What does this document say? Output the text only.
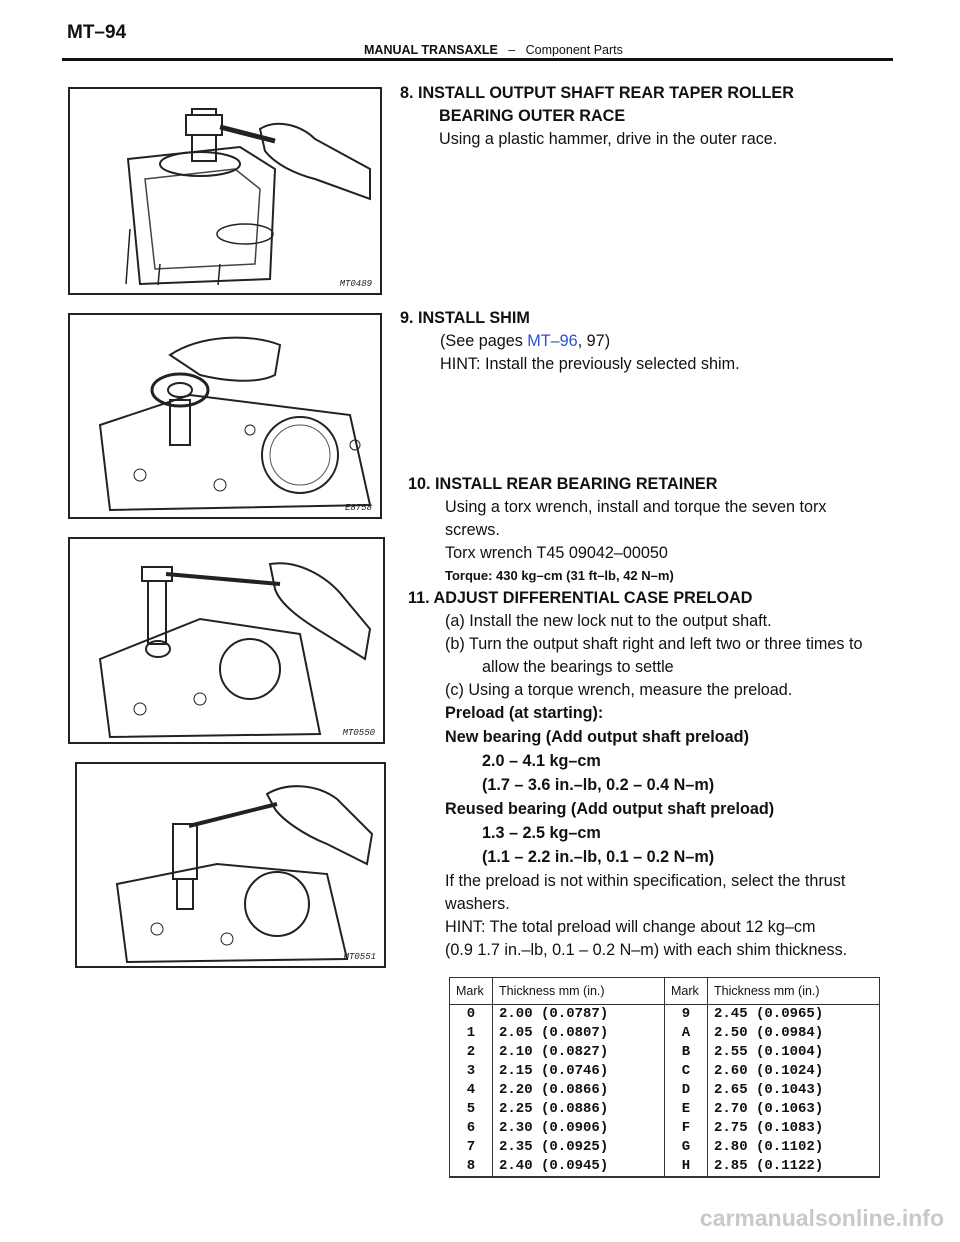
MT–94
MANUAL TRANSAXLE – Component Parts
MT0489
E8758
MT0550
MT0551
8. INSTALL OUTPUT SHAFT REAR TAPER ROLLER
BEARING OUTER RACE
Using a plastic hammer, drive in the outer race.
9. INSTALL SHIM
(See pages MT–96, 97)
HINT: Install the previously selected shim.
10. INSTALL REAR BEARING RETAINER
Using a torx wrench, install and torque the seven torx
screws.
Torx wrench T45 09042–00050
Torque: 430 kg–cm (31 ft–lb, 42 N–m)
11. ADJUST DIFFERENTIAL CASE PRELOAD
(a) Install the new lock nut to the output shaft.
(b) Turn the output shaft right and left two or three times to
allow the bearings to settle
(c) Using a torque wrench, measure the preload.
Preload (at starting):
New bearing (Add output shaft preload)
2.0 – 4.1 kg–cm
(1.7 – 3.6 in.–lb, 0.2 – 0.4 N–m)
Reused bearing (Add output shaft preload)
1.3 – 2.5 kg–cm
(1.1 – 2.2 in.–lb, 0.1 – 0.2 N–m)
If the preload is not within specification, select the thrust
washers.
HINT: The total preload will change about 12 kg–cm
(0.9 1.7 in.–lb, 0.1 – 0.2 N–m) with each shim thickness.
Mark	Thickness mm (in.)	Mark	Thickness mm (in.)
0	2.00 (0.0787)	9	2.45 (0.0965)
1	2.05 (0.0807)	A	2.50 (0.0984)
2	2.10 (0.0827)	B	2.55 (0.1004)
3	2.15 (0.0746)	C	2.60 (0.1024)
4	2.20 (0.0866)	D	2.65 (0.1043)
5	2.25 (0.0886)	E	2.70 (0.1063)
6	2.30 (0.0906)	F	2.75 (0.1083)
7	2.35 (0.0925)	G	2.80 (0.1102)
8	2.40 (0.0945)	H	2.85 (0.1122)
carmanualsonline.info
